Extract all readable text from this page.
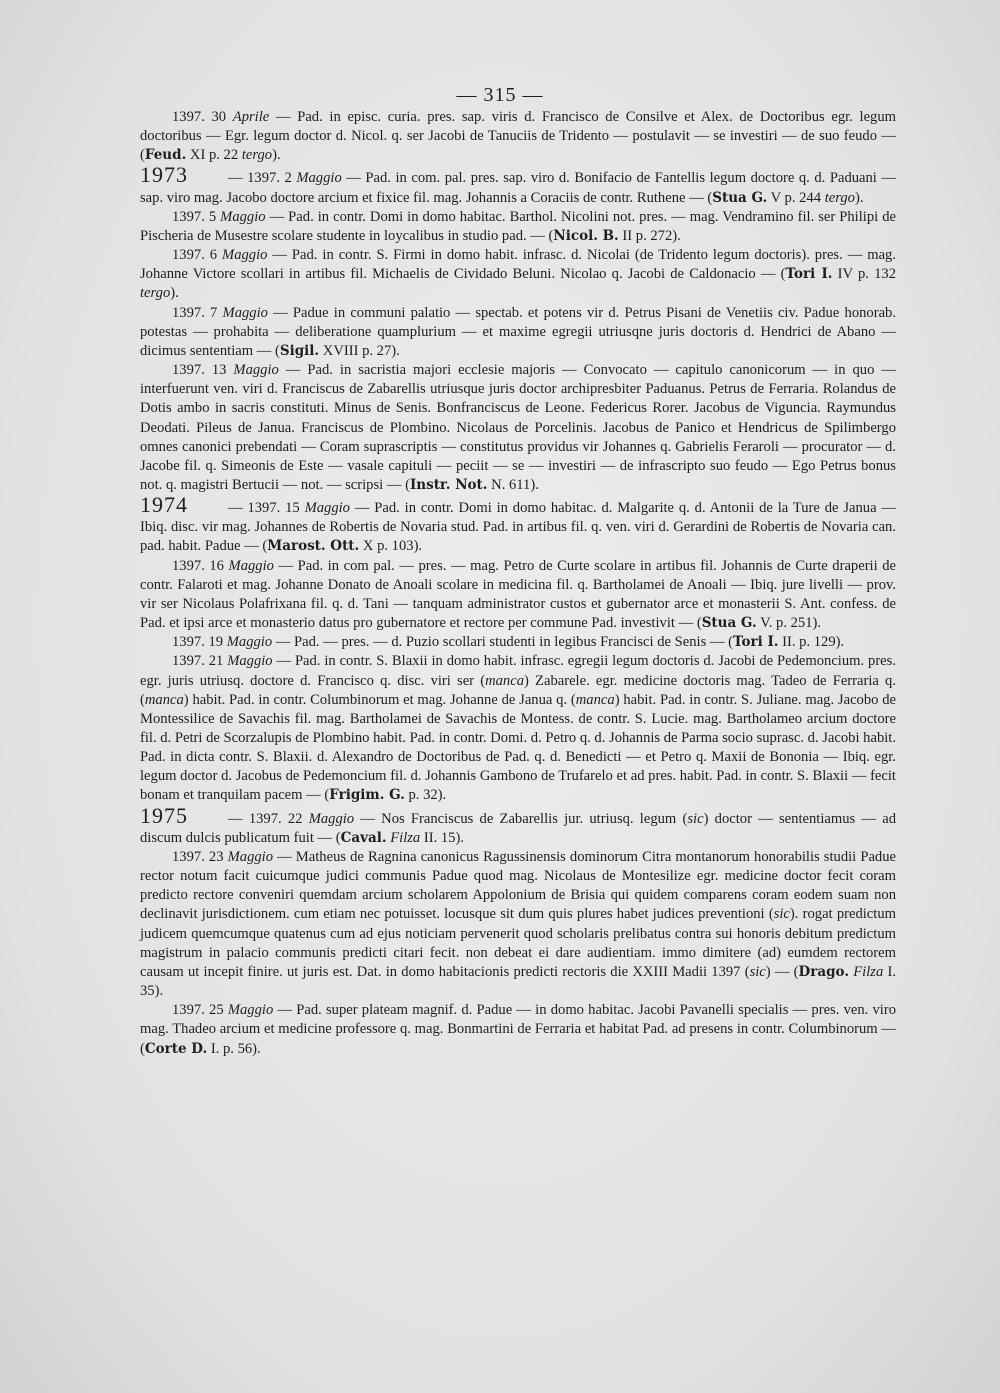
— 315 —

1397. 30 Aprile — Pad. in episc. curia. pres. sap. viris d. Francisco de Consilve et Alex. de Doctoribus egr. legum doctoribus — Egr. legum doctor d. Nicol. q. ser Jacobi de Tanuciis de Tridento — postulavit — se investiri — de suo feudo — (Feud. XI p. 22 tergo).

1973	— 1397. 2 Maggio — Pad. in com. pal. pres. sap. viro d. Bonifacio de Fantellis legum doctore q. d. Paduani — sap. viro mag. Jacobo doctore arcium et fixice fil. mag. Johannis a Coraciis de contr. Ruthene — (Stua G. V p. 244 tergo).

1397. 5 Maggio — Pad. in contr. Domi in domo habitac. Barthol. Nicolini not. pres. — mag. Vendramino fil. ser Philipi de Pischeria de Musestre scolare studente in loycalibus in studio pad. — (Nicol. B. II p. 272).

1397. 6 Maggio — Pad. in contr. S. Firmi in domo habit. infrasc. d. Nicolai (de Tridento legum doctoris). pres. — mag. Johanne Victore scollari in artibus fil. Michaelis de Cividado Beluni. Nicolao q. Jacobi de Caldonacio — (Tori I. IV p. 132 tergo).

1397. 7 Maggio — Padue in communi palatio — spectab. et potens vir d. Petrus Pisani de Venetiis civ. Padue honorab. potestas — prohabita — deliberatione quamplurium — et maxime egregii utriusqne juris doctoris d. Hendrici de Abano — dicimus sententiam — (Sigil. XVIII p. 27).

1397. 13 Maggio — Pad. in sacristia majori ecclesie majoris — Convocato — capitulo canonicorum — in quo — interfuerunt ven. viri d. Franciscus de Zabarellis utriusque juris doctor archipresbiter Paduanus. Petrus de Ferraria. Rolandus de Dotis ambo in sacris constituti. Minus de Senis. Bonfranciscus de Leone. Federicus Rorer. Jacobus de Viguncia. Raymundus Deodati. Pileus de Janua. Franciscus de Plombino. Nicolaus de Porcelinis. Jacobus de Panico et Hendricus de Spilimbergo omnes canonici prebendati — Coram suprascriptis — constitutus providus vir Johannes q. Gabrielis Feraroli — procurator — d. Jacobe fil. q. Simeonis de Este — vasale capituli — peciit — se — investiri — de infrascripto suo feudo — Ego Petrus bonus not. q. magistri Bertucii — not. — scripsi — (Instr. Not. N. 611).

1974	— 1397. 15 Maggio — Pad. in contr. Domi in domo habitac. d. Malgarite q. d. Antonii de la Ture de Janua — Ibiq. disc. vir mag. Johannes de Robertis de Novaria stud. Pad. in artibus fil. q. ven. viri d. Gerardini de Robertis de Novaria can. pad. habit. Padue — (Marost. Ott. X p. 103).

1397. 16 Maggio — Pad. in com pal. — pres. — mag. Petro de Curte scolare in artibus fil. Johannis de Curte draperii de contr. Falaroti et mag. Johanne Donato de Anoali scolare in medicina fil. q. Bartholamei de Anoali — Ibiq. jure livelli — prov. vir ser Nicolaus Polafrixana fil. q. d. Tani — tanquam administrator custos et gubernator arce et monasterii S. Ant. confess. de Pad. et ipsi arce et monasterio datus pro gubernatore et rectore per commune Pad. investivit — (Stua G. V. p. 251).

1397. 19 Maggio — Pad. — pres. — d. Puzio scollari studenti in legibus Francisci de Senis — (Tori I. II. p. 129).

1397. 21 Maggio — Pad. in contr. S. Blaxii in domo habit. infrasc. egregii legum doctoris d. Jacobi de Pedemoncium. pres. egr. juris utriusq. doctore d. Francisco q. disc. viri ser (manca) Zabarele. egr. medicine doctoris mag. Tadeo de Ferraria q. (manca) habit. Pad. in contr. Columbinorum et mag. Johanne de Janua q. (manca) habit. Pad. in contr. S. Juliane. mag. Jacobo de Montessilice de Savachis fil. mag. Bartholamei de Savachis de Montess. de contr. S. Lucie. mag. Bartholameo arcium doctore fil. d. Petri de Scorzalupis de Plombino habit. Pad. in contr. Domi. d. Petro q. d. Johannis de Parma socio suprasc. d. Jacobi habit. Pad. in dicta contr. S. Blaxii. d. Alexandro de Doctoribus de Pad. q. d. Benedicti — et Petro q. Maxii de Bononia — Ibiq. egr. legum doctor d. Jacobus de Pedemoncium fil. d. Johannis Gambono de Trufarelo et ad pres. habit. Pad. in contr. S. Blaxii — fecit bonam et tranquilam pacem — (Frigim. G. p. 32).

1975	— 1397. 22 Maggio — Nos Franciscus de Zabarellis jur. utriusq. legum (sic) doctor — sententiamus — ad discum dulcis publicatum fuit — (Caval. Filza II. 15).

1397. 23 Maggio — Matheus de Ragnina canonicus Ragussinensis dominorum Citra montanorum honorabilis studii Padue rector notum facit cuicumque judici communis Padue quod mag. Nicolaus de Montesilize egr. medicine doctor fecit coram predicto rectore conveniri quemdam arcium scholarem Appolonium de Brisia qui quidem comparens coram eodem suam non declinavit jurisdictionem. cum etiam nec potuisset. locusque sit dum quis plures habet judices preventioni (sic). rogat predictum judicem quemcumque quatenus cum ad ejus noticiam pervenerit quod scholaris prelibatus contra sui honoris debitum predictum magistrum in palacio communis predicti citari fecit. non debeat ei dare audientiam. immo dimitere (ad) eumdem rectorem causam ut incepit finire. ut juris est. Dat. in domo habitacionis predicti rectoris die XXIII Madii 1397 (sic) — (Drago. Filza I. 35).

1397. 25 Maggio — Pad. super plateam magnif. d. Padue — in domo habitac. Jacobi Pavanelli specialis — pres. ven. viro mag. Thadeo arcium et medicine professore q. mag. Bonmartini de Ferraria et habitat Pad. ad presens in contr. Columbinorum — (Corte D. I. p. 56).
